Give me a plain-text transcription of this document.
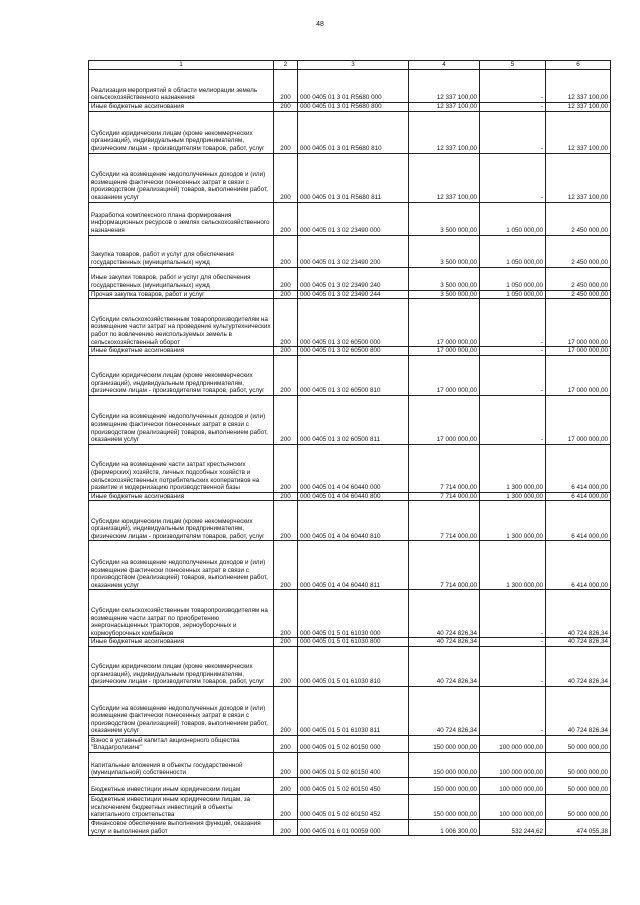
48
1	2	3	4	5	6
Реализация мероприятий в области мелиорации земель сельскохозяйственного назначения	200	000 0405 01 3 01 R5680 000	12 337 100,00	-	12 337 100,00
Иные бюджетные ассигнования	200	000 0405 01 3 01 R5680 800	12 337 100,00	-	12 337 100,00
Субсидии юридическим лицам (кроме некоммерческих организаций), индивидуальным предпринимателям, физическим лицам - производителям товаров, работ, услуг	200	000 0405 01 3 01 R5680 810	12 337 100,00	-	12 337 100,00
Субсидии на возмещение недополученных доходов и (или) возмещение фактически понесенных затрат в связи с производством (реализацией) товаров, выполнением работ, оказанием услуг	200	000 0405 01 3 01 R5680 811	12 337 100,00	-	12 337 100,00
Разработка комплексного плана формирования информационных ресурсов о землях сельскохозяйственного назначения	200	000 0405 01 3 02 23490 000	3 500 000,00	1 050 000,00	2 450 000,00
Закупка товаров, работ и услуг для обеспечения государственных (муниципальных) нужд	200	000 0405 01 3 02 23490 200	3 500 000,00	1 050 000,00	2 450 000,00
Иные закупки товаров, работ и услуг для обеспечения государственных (муниципальных) нужд	200	000 0405 01 3 02 23490 240	3 500 000,00	1 050 000,00	2 450 000,00
Прочая закупка товаров, работ и услуг	200	000 0405 01 3 02 23490 244	3 500 000,00	1 050 000,00	2 450 000,00
Субсидии сельскохозяйственным товаропроизводителям на возмещение части затрат на проведение культуртехнических работ по вовлечению неиспользуемых земель в сельскохозяйственный оборот	200	000 0405 01 3 02 60500 000	17 000 000,00	-	17 000 000,00
Иные бюджетные ассигнования	200	000 0405 01 3 02 60500 800	17 000 000,00	-	17 000 000,00
Субсидии юридическим лицам (кроме некоммерческих организаций), индивидуальным предпринимателям, физическим лицам - производителям товаров, работ, услуг	200	000 0405 01 3 02 60500 810	17 000 000,00	-	17 000 000,00
Субсидии на возмещение недополученных доходов и (или) возмещение фактически понесенных затрат в связи с производством (реализацией) товаров, выполнением работ, оказанием услуг	200	000 0405 01 3 02 60500 811	17 000 000,00	-	17 000 000,00
Субсидии на возмещение части затрат крестьянских (фермерских) хозяйств, личных подсобных хозяйств и сельскохозяйственных потребительских кооперативов на развитие и модернизацию производственной базы	200	000 0405 01 4 04 60440 000	7 714 000,00	1 300 000,00	6 414 000,00
Иные бюджетные ассигнования	200	000 0405 01 4 04 60440 800	7 714 000,00	1 300 000,00	6 414 000,00
Субсидии юридическим лицам (кроме некоммерческих организаций), индивидуальным предпринимателям, физическим лицам - производителям товаров, работ, услуг	200	000 0405 01 4 04 60440 810	7 714 000,00	1 300 000,00	6 414 000,00
Субсидии на возмещение недополученных доходов и (или) возмещение фактически понесенных затрат в связи с производством (реализацией) товаров, выполнением работ, оказанием услуг	200	000 0405 01 4 04 60440 811	7 714 000,00	1 300 000,00	6 414 000,00
Субсидии сельскохозяйственным товаропроизводителям на возмещение части затрат по приобретению энергонасыщенных тракторов, зерноуборочных и кормоуборочных комбайнов	200	000 0405 01 5 01 61030 000	40 724 826,34	-	40 724 826,34
Иные бюджетные ассигнования	200	000 0405 01 5 01 61030 800	40 724 826,34	-	40 724 826,34
Субсидии юридическим лицам (кроме некоммерческих организаций), индивидуальным предпринимателям, физическим лицам - производителям товаров, работ, услуг	200	000 0405 01 5 01 61030 810	40 724 826,34	-	40 724 826,34
Субсидии на возмещение недополученных доходов и (или) возмещение фактически понесенных затрат в связи с производством (реализацией) товаров, выполнением работ, оказанием услуг	200	000 0405 01 5 01 61030 811	40 724 826,34	-	40 724 826,34
Взнос в уставный капитал акционерного общества "Владагролизинг"	200	000 0405 01 5 02 60150 000	150 000 000,00	100 000 000,00	50 000 000,00
Капитальные вложения в объекты государственной (муниципальной) собственности	200	000 0405 01 5 02 60150 400	150 000 000,00	100 000 000,00	50 000 000,00
Бюджетные инвестиции иным юридическим лицам	200	000 0405 01 5 02 60150 450	150 000 000,00	100 000 000,00	50 000 000,00
Бюджетные инвестиции иным юридическим лицам, за исключением бюджетных инвестиций в объекты капитального строительства	200	000 0405 01 5 02 60150 452	150 000 000,00	100 000 000,00	50 000 000,00
Финансовое обеспечение выполнения функций, оказания услуг и выполнения работ	200	000 0405 01 6 01 00059 000	1 006 300,00	532 244,62	474 055,38
